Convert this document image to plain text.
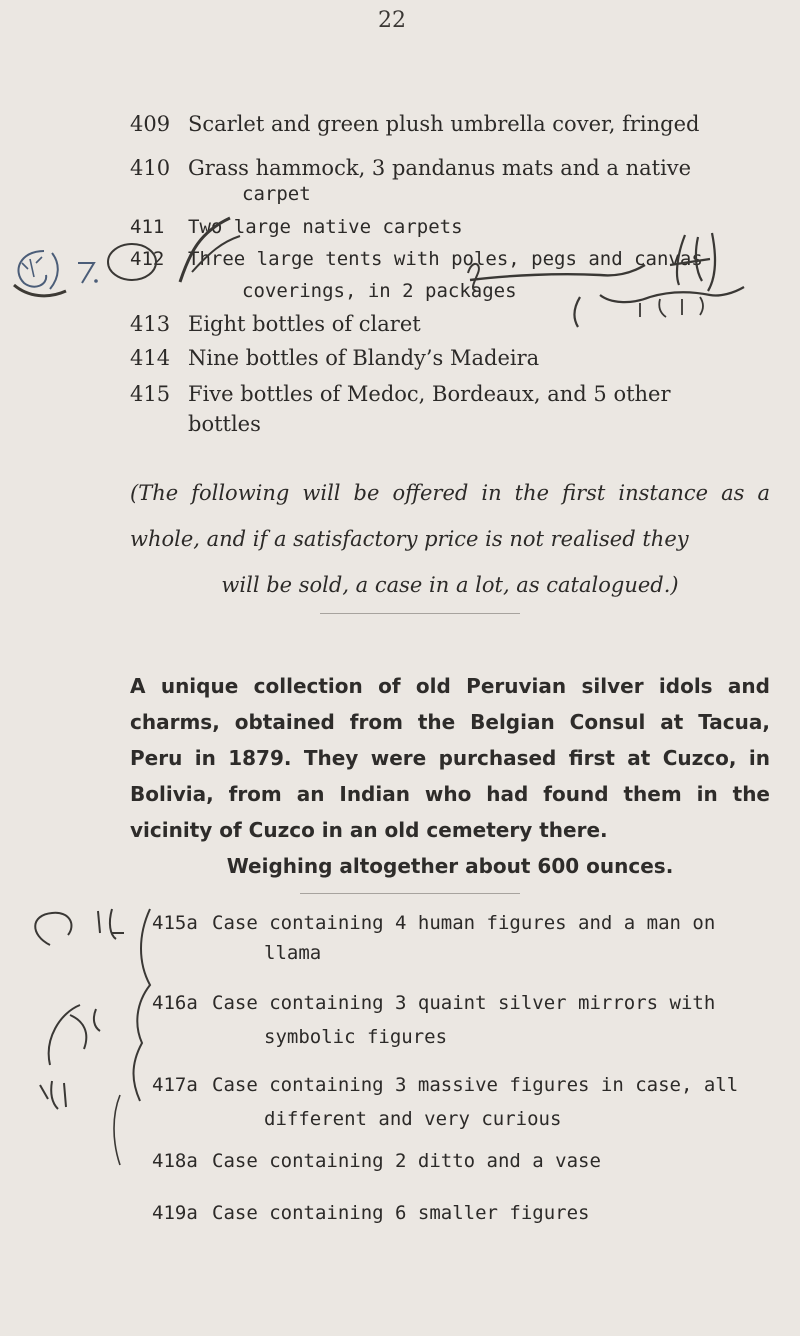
22
409 Scarlet and green plush umbrella cover, fringed
410 Grass hammock, 3 pandanus mats and a native
carpet
411 Two large native carpets
412 Three large tents with poles, pegs and canvas
coverings, in 2 packages
413 Eight bottles of claret
414 Nine bottles of Blandy’s Madeira
415 Five bottles of Medoc, Bordeaux, and 5 other
bottles
(The following will be offered in the first instance as a whole, and if a satisfactory price is not realised they
will be sold, a case in a lot, as catalogued.)
A unique collection of old Peruvian silver idols and charms, obtained from the Belgian Consul at Tacua, Peru in 1879. They were purchased first at Cuzco, in Bolivia, from an Indian who had found them in the vicinity of Cuzco in an old cemetery there.
Weighing altogether about 600 ounces.
415a Case containing 4 human figures and a man on
llama
416a Case containing 3 quaint silver mirrors with
symbolic figures
417a Case containing 3 massive figures in case, all
different and very curious
418a Case containing 2 ditto and a vase
419a Case containing 6 smaller figures
